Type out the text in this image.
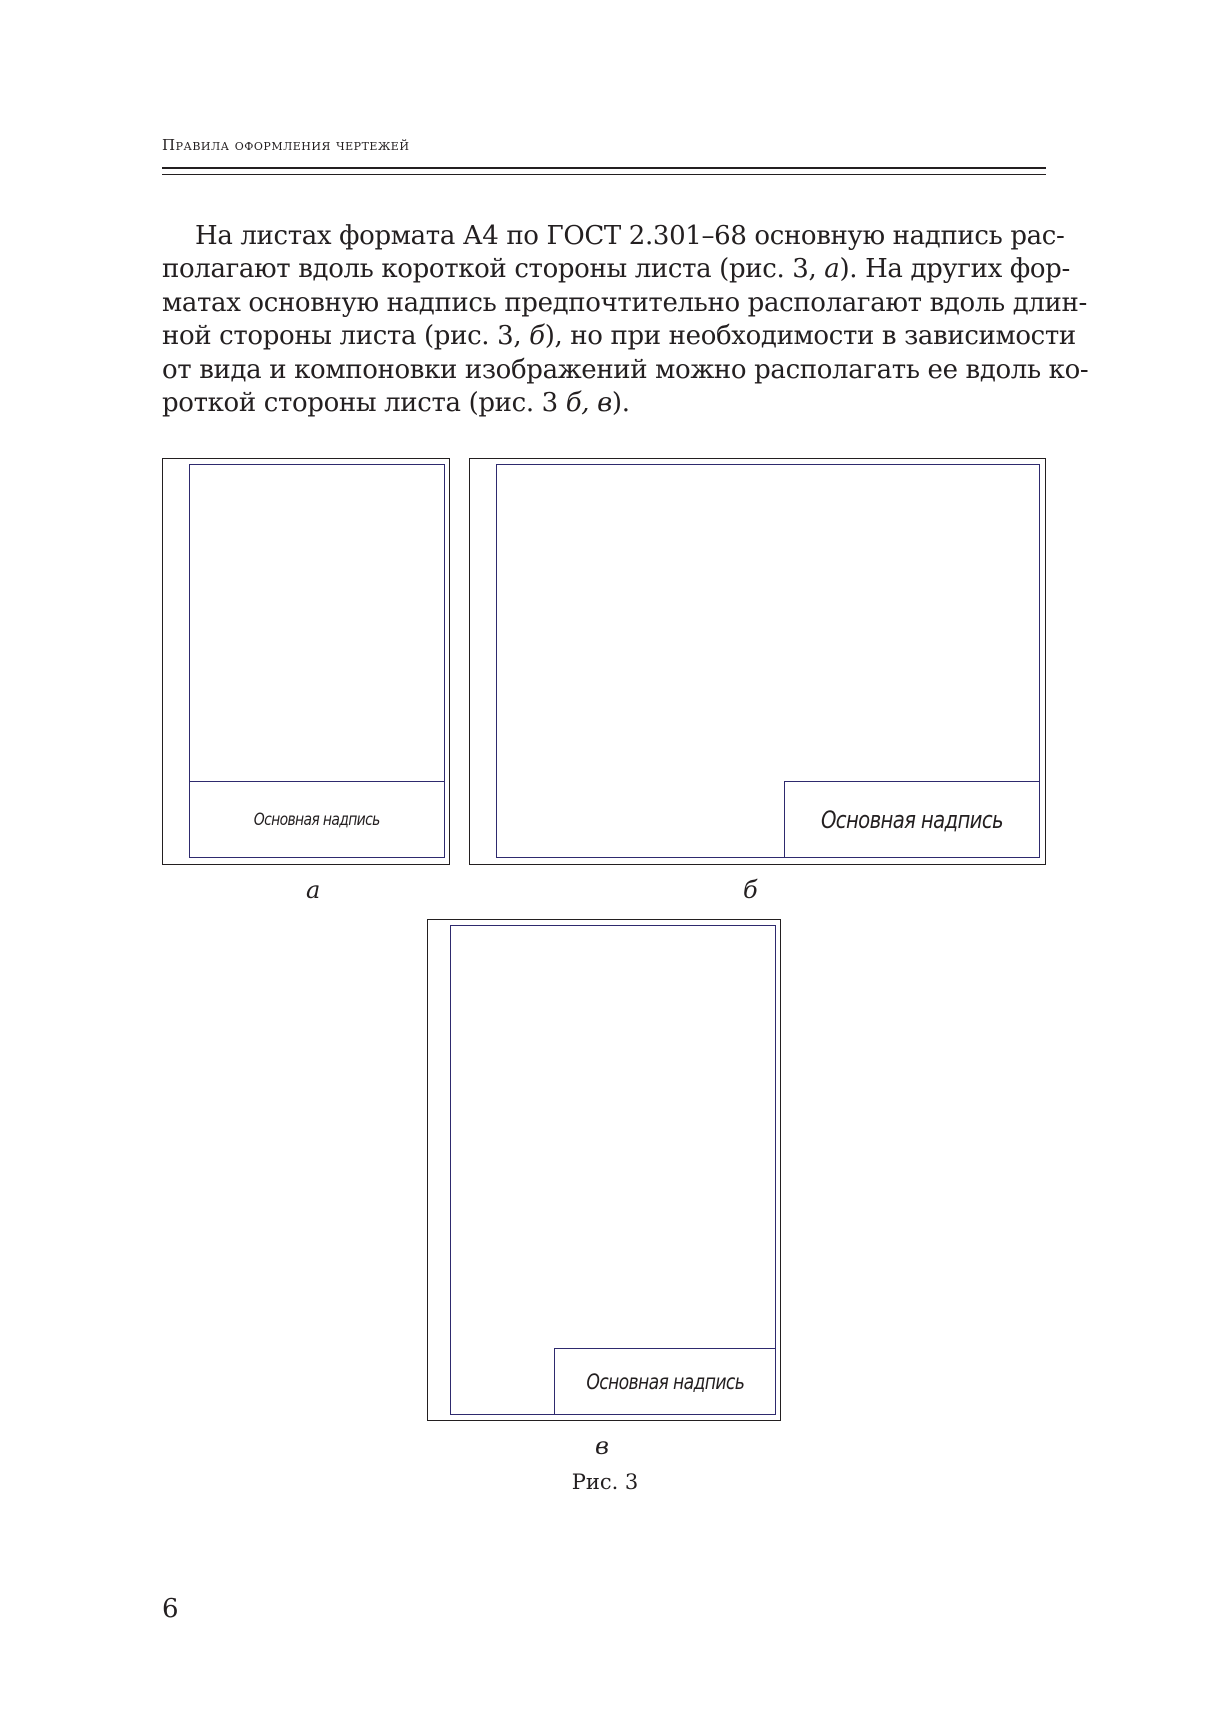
Правила оформления чертежей
На листах формата А4 по ГОСТ 2.301–68 основную надпись рас-
полагают вдоль короткой стороны листа (рис. 3, а). На других фор-
матах основную надпись предпочтительно располагают вдоль длин-
ной стороны листа (рис. 3, б), но при необходимости в зависимости
от вида и компоновки изображений можно располагать ее вдоль ко-
роткой стороны листа (рис. 3 б, в).
Основная надпись
а
Основная надпись
б
Основная надпись
в
Рис. 3
6
